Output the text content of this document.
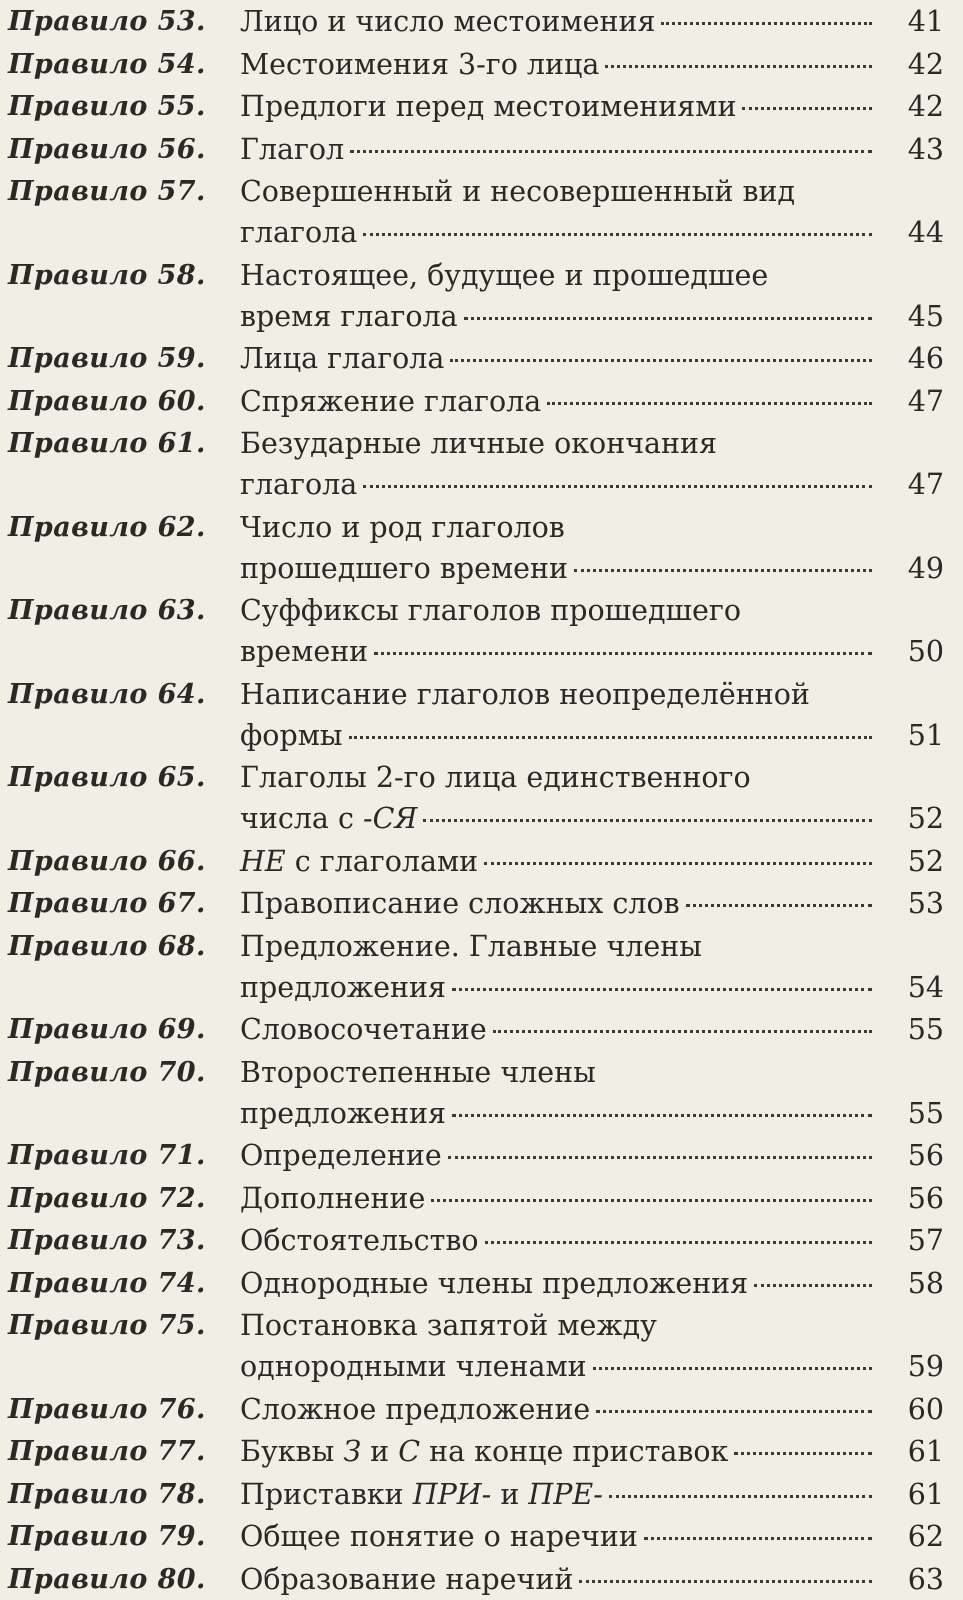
Правило 53.	Лицо и число местоимения	41
Правило 54.	Местоимения 3-го лица	42
Правило 55.	Предлоги перед местоимениями	42
Правило 56.	Глагол	43
Правило 57.	Совершенный и несовершенный вид
глагола	44
Правило 58.	Настоящее, будущее и прошедшее
время глагола	45
Правило 59.	Лица глагола	46
Правило 60.	Спряжение глагола	47
Правило 61.	Безударные личные окончания
глагола	47
Правило 62.	Число и род глаголов
прошедшего времени	49
Правило 63.	Суффиксы глаголов прошедшего
времени	50
Правило 64.	Написание глаголов неопределённой
формы	51
Правило 65.	Глаголы 2-го лица единственного
числа с -СЯ	52
Правило 66.	НЕ с глаголами	52
Правило 67.	Правописание сложных слов	53
Правило 68.	Предложение. Главные члены
предложения	54
Правило 69.	Словосочетание	55
Правило 70.	Второстепенные члены
предложения	55
Правило 71.	Определение	56
Правило 72.	Дополнение	56
Правило 73.	Обстоятельство	57
Правило 74.	Однородные члены предложения	58
Правило 75.	Постановка запятой между
однородными членами	59
Правило 76.	Сложное предложение	60
Правило 77.	Буквы З и С на конце приставок	61
Правило 78.	Приставки ПРИ- и ПРЕ-	61
Правило 79.	Общее понятие о наречии	62
Правило 80.	Образование наречий	63
